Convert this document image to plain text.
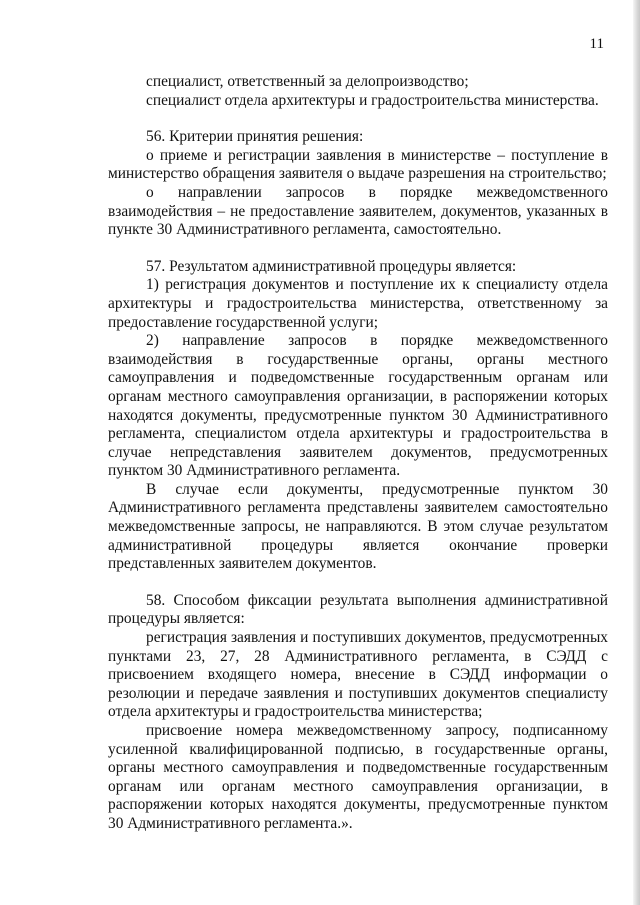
11

специалист, ответственный за делопроизводство;

специалист отдела архитектуры и градостроительства министерства.

56. Критерии принятия решения:

о приеме и регистрации заявления в министерстве – поступление в министерство обращения заявителя о выдаче разрешения на строительство;

о направлении запросов в порядке межведомственного взаимодействия – не предоставление заявителем, документов, указанных в пункте 30 Административного регламента, самостоятельно.

57. Результатом административной процедуры является:

1) регистрация документов и поступление их к специалисту отдела архитектуры и градостроительства министерства, ответственному за предоставление государственной услуги;

2) направление запросов в порядке межведомственного взаимодействия в государственные органы, органы местного самоуправления и подведомственные государственным органам или органам местного самоуправления организации, в распоряжении которых находятся документы, предусмотренные пунктом 30 Административного регламента, специалистом отдела архитектуры и градостроительства в случае непредставления заявителем документов, предусмотренных пунктом 30 Административного регламента.

В случае если документы, предусмотренные пунктом 30 Административного регламента представлены заявителем самостоятельно межведомственные запросы, не направляются. В этом случае результатом административной процедуры является окончание проверки представленных заявителем документов.

58. Способом фиксации результата выполнения административной процедуры является:

регистрация заявления и поступивших документов, предусмотренных пунктами 23, 27, 28 Административного регламента, в СЭДД с присвоением входящего номера, внесение в СЭДД информации о резолюции и передаче заявления и поступивших документов специалисту отдела архитектуры и градостроительства министерства;

присвоение номера межведомственному запросу, подписанному усиленной квалифицированной подписью, в государственные органы, органы местного самоуправления и подведомственные государственным органам или органам местного самоуправления организации, в распоряжении которых находятся документы, предусмотренные пунктом 30 Административного регламента.».
